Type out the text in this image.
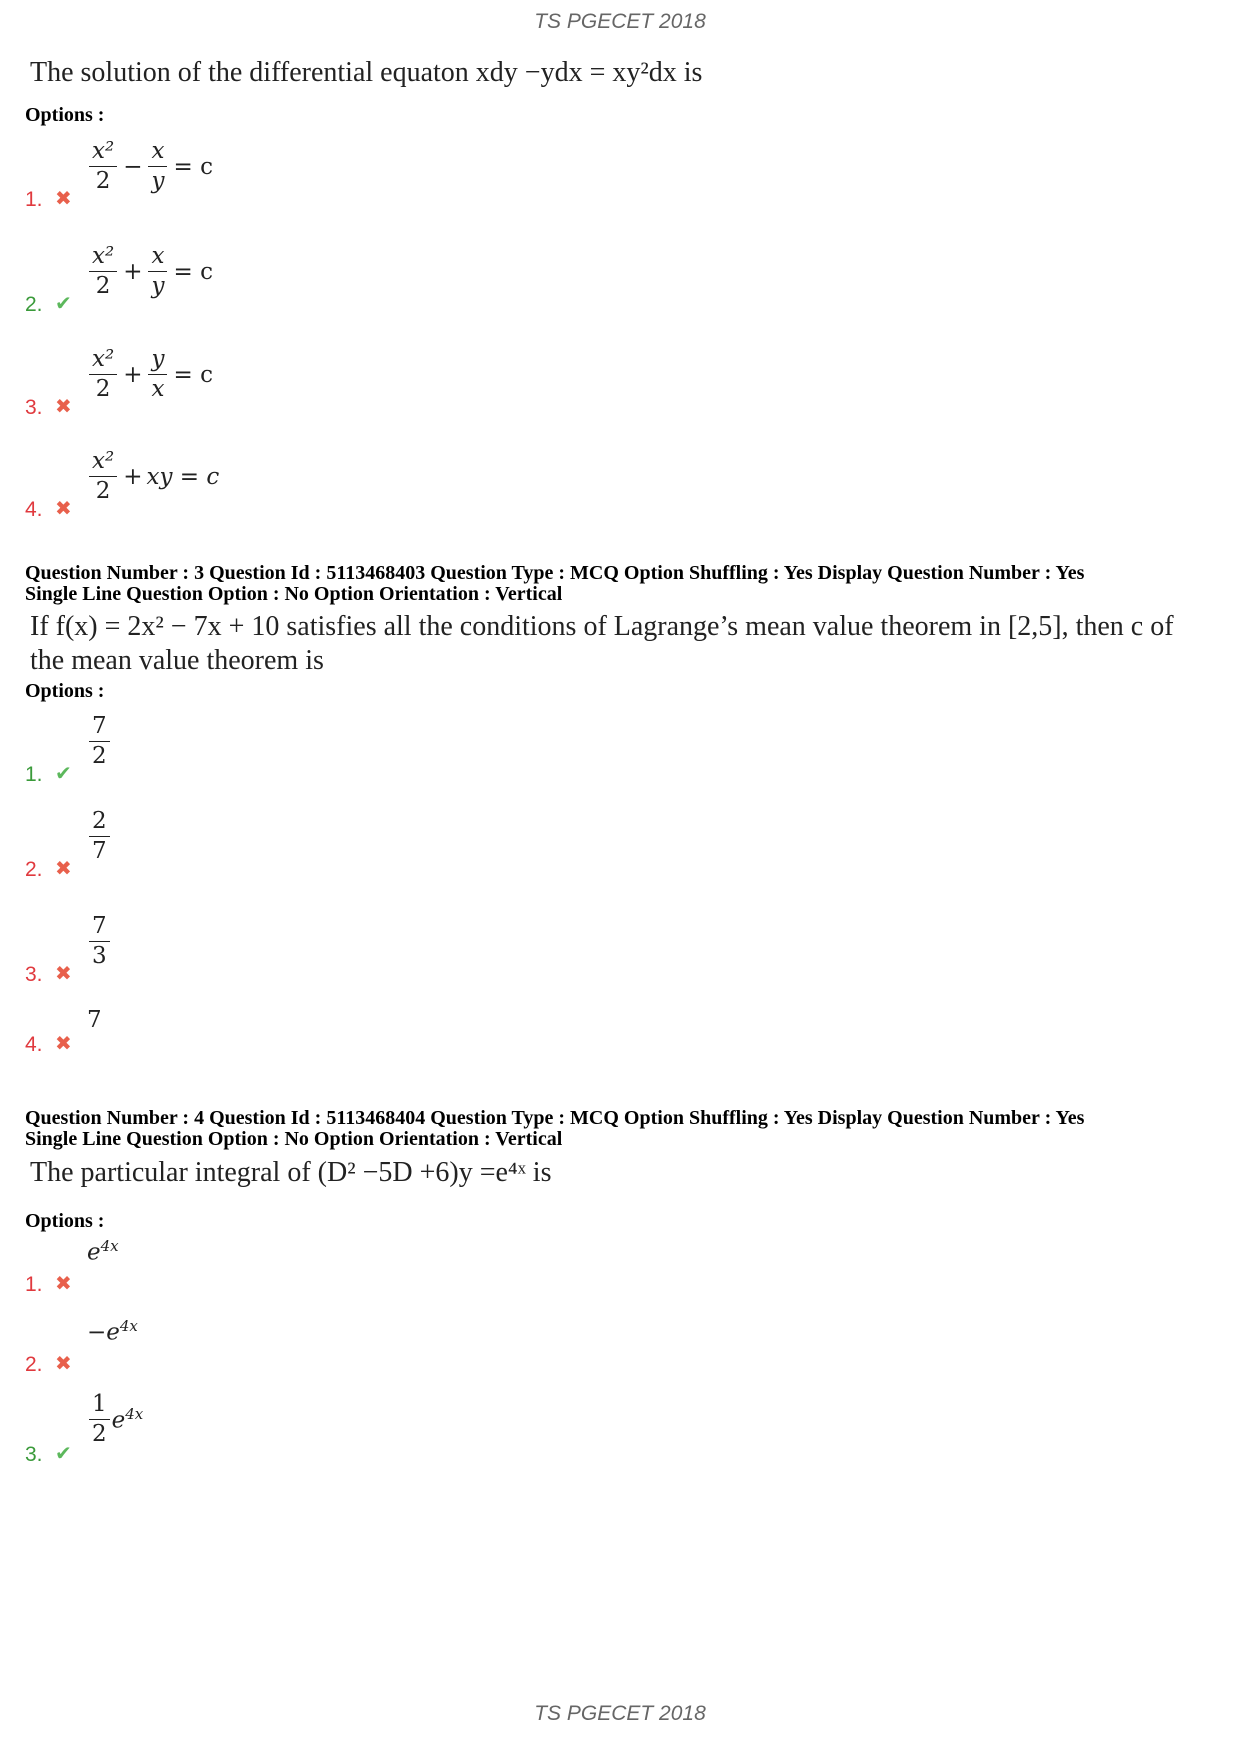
TS PGECET 2018
The solution of the differential equaton xdy −ydx = xy²dx is
Options :
1. ✖
$\frac{\text{x²}}{2} - \frac{x}{y} = c$
2. ✔
$\frac{\text{x²}}{2} + \frac{x}{y} = c$
3. ✖
$\frac{\text{x²}}{2} + \frac{y}{x} = c$
4. ✖
$\frac{\text{x²}}{2}$ + xy = c
Question Number : 3 Question Id : 5113468403 Question Type : MCQ Option Shuffling : Yes Display Question Number : Yes
Single Line Question Option : No Option Orientation : Vertical
If f(x) = 2x² − 7x + 10 satisfies all the conditions of Lagrange’s mean value theorem in [2,5], then c of
the mean value theorem is
Options :
1. ✔
$\frac{7}{2}$
2. ✖
$\frac{2}{7}$
3. ✖
$\frac{7}{3}$
4. ✖
7
Question Number : 4 Question Id : 5113468404 Question Type : MCQ Option Shuffling : Yes Display Question Number : Yes
Single Line Question Option : No Option Orientation : Vertical
The particular integral of (D² −5D +6)y =e⁴ˣ is
Options :
1. ✖
$e^{4x}$
2. ✖
$-e^{4x}$
3. ✔
$\frac{1}{2} e^{4x}$
TS PGECET 2018
